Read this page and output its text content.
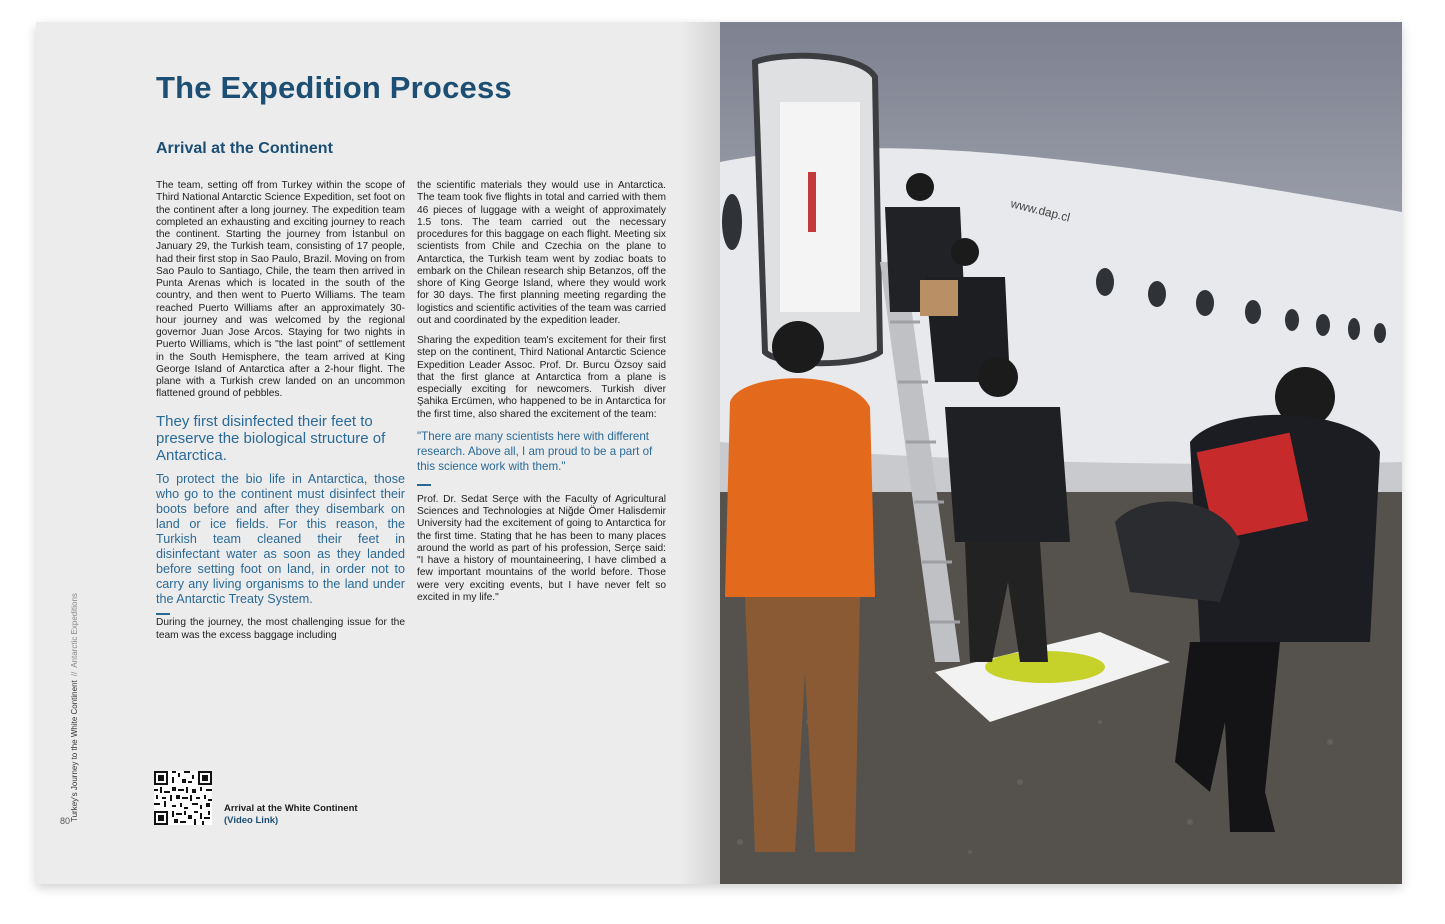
The Expedition Process
Arrival at the Continent

The team, setting off from Turkey within the scope of Third National Antarctic Science Expedition, set foot on the continent after a long journey. The expedition team completed an exhausting and exciting journey to reach the continent. Starting the journey from İstanbul on January 29, the Turkish team, consisting of 17 people, had their first stop in Sao Paulo, Brazil. Moving on from Sao Paulo to Santiago, Chile, the team then arrived in Punta Arenas which is located in the south of the country, and then went to Puerto Williams. The team reached Puerto Williams after an approximately 30-hour journey and was welcomed by the regional governor Juan Jose Arcos. Staying for two nights in Puerto Williams, which is "the last point" of settlement in the South Hemisphere, the team arrived at King George Island of Antarctica after a 2-hour flight. The plane with a Turkish crew landed on an uncommon flattened ground of pebbles.

They first disinfected their feet to preserve the biological structure of Antarctica.
To protect the bio life in Antarctica, those who go to the continent must disinfect their boots before and after they disembark on land or ice fields. For this reason, the Turkish team cleaned their feet in disinfectant water as soon as they landed before setting foot on land, in order not to carry any living organisms to the land under the Antarctic Treaty System.

During the journey, the most challenging issue for the team was the excess baggage including

the scientific materials they would use in Antarctica. The team took five flights in total and carried with them 46 pieces of luggage with a weight of approximately 1.5 tons. The team carried out the necessary procedures for this baggage on each flight. Meeting six scientists from Chile and Czechia on the plane to Antarctica, the Turkish team went by zodiac boats to embark on the Chilean research ship Betanzos, off the shore of King George Island, where they would work for 30 days. The first planning meeting regarding the logistics and scientific activities of the team was carried out and coordinated by the expedition leader.

Sharing the expedition team's excitement for their first step on the continent, Third National Antarctic Science Expedition Leader Assoc. Prof. Dr. Burcu Özsoy said that the first glance at Antarctica from a plane is especially exciting for newcomers. Turkish diver Şahika Ercümen, who happened to be in Antarctica for the first time, also shared the excitement of the team:

"There are many scientists here with different research. Above all, I am proud to be a part of this science work with them."

Prof. Dr. Sedat Serçe with the Faculty of Agricultural Sciences and Technologies at Niğde Ömer Halisdemir University had the excitement of going to Antarctica for the first time. Stating that he has been to many places around the world as part of his profession, Serçe said: "I have a history of mountaineering, I have climbed a few important mountains of the world before. Those were very exciting events, but I have never felt so excited in my life."

Turkey's Journey to the White Continent//Antarctic Expeditions
80
Arrival at the White Continent
(Video Link)
www.dap.cl
